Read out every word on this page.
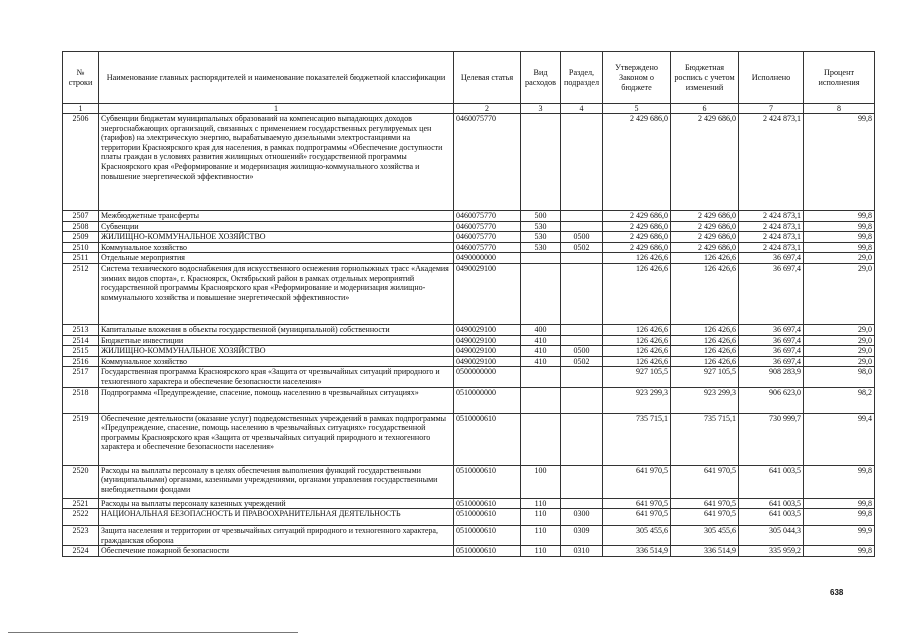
№ строки	Наименование главных распорядителей и наименование показателей бюджетной классификации	Целевая статья	Вид расходов	Раздел, подраздел	Утверждено Законом о бюджете	Бюджетная роспись с учетом изменений	Исполнено	Процент исполнения
1	1	2	3	4	5	6	7	8
2506	Субвенции бюджетам муниципальных образований на компенсацию выпадающих доходов энергоснабжающих организаций, связанных с применением государственных регулируемых цен (тарифов) на электрическую энергию, вырабатываемую дизельными электростанциями на территории Красноярского края для населения, в рамках подпрограммы «Обеспечение доступности платы граждан в условиях развития жилищных отношений» государственной программы Красноярского края «Реформирование и модернизация жилищно-коммунального хозяйства и повышение энергетической эффективности»	0460075770			2 429 686,0	2 429 686,0	2 424 873,1	99,8
2507	Межбюджетные трансферты	0460075770	500		2 429 686,0	2 429 686,0	2 424 873,1	99,8
2508	Субвенции	0460075770	530		2 429 686,0	2 429 686,0	2 424 873,1	99,8
2509	ЖИЛИЩНО-КОММУНАЛЬНОЕ ХОЗЯЙСТВО	0460075770	530	0500	2 429 686,0	2 429 686,0	2 424 873,1	99,8
2510	Коммунальное хозяйство	0460075770	530	0502	2 429 686,0	2 429 686,0	2 424 873,1	99,8
2511	Отдельные мероприятия	0490000000			126 426,6	126 426,6	36 697,4	29,0
2512	Система технического водоснабжения для искусственного оснежения горнолыжных трасс «Академия зимних видов спорта», г. Красноярск, Октябрьский район в рамках отдельных мероприятий государственной программы Красноярского края «Реформирование и модернизация жилищно-коммунального хозяйства и повышение энергетической эффективности»	0490029100			126 426,6	126 426,6	36 697,4	29,0
2513	Капитальные вложения в объекты государственной (муниципальной) собственности	0490029100	400		126 426,6	126 426,6	36 697,4	29,0
2514	Бюджетные инвестиции	0490029100	410		126 426,6	126 426,6	36 697,4	29,0
2515	ЖИЛИЩНО-КОММУНАЛЬНОЕ ХОЗЯЙСТВО	0490029100	410	0500	126 426,6	126 426,6	36 697,4	29,0
2516	Коммунальное хозяйство	0490029100	410	0502	126 426,6	126 426,6	36 697,4	29,0
2517	Государственная программа Красноярского края «Защита от чрезвычайных ситуаций природного и техногенного характера и обеспечение безопасности населения»	0500000000			927 105,5	927 105,5	908 283,9	98,0
2518	Подпрограмма «Предупреждение, спасение, помощь населению в чрезвычайных ситуациях»	0510000000			923 299,3	923 299,3	906 623,0	98,2
2519	Обеспечение деятельности (оказание услуг) подведомственных учреждений в рамках подпрограммы «Предупреждение, спасение, помощь населению в чрезвычайных ситуациях» государственной программы Красноярского края «Защита от чрезвычайных ситуаций природного и техногенного характера и обеспечение безопасности населения»	0510000610			735 715,1	735 715,1	730 999,7	99,4
2520	Расходы на выплаты персоналу в целях обеспечения выполнения функций государственными (муниципальными) органами, казенными учреждениями, органами управления государственными внебюджетными фондами	0510000610	100		641 970,5	641 970,5	641 003,5	99,8
2521	Расходы на выплаты персоналу казенных учреждений	0510000610	110		641 970,5	641 970,5	641 003,5	99,8
2522	НАЦИОНАЛЬНАЯ БЕЗОПАСНОСТЬ И ПРАВООХРАНИТЕЛЬНАЯ ДЕЯТЕЛЬНОСТЬ	0510000610	110	0300	641 970,5	641 970,5	641 003,5	99,8
2523	Защита населения и территории от чрезвычайных ситуаций природного и техногенного характера, гражданская оборона	0510000610	110	0309	305 455,6	305 455,6	305 044,3	99,9
2524	Обеспечение пожарной безопасности	0510000610	110	0310	336 514,9	336 514,9	335 959,2	99,8
638
